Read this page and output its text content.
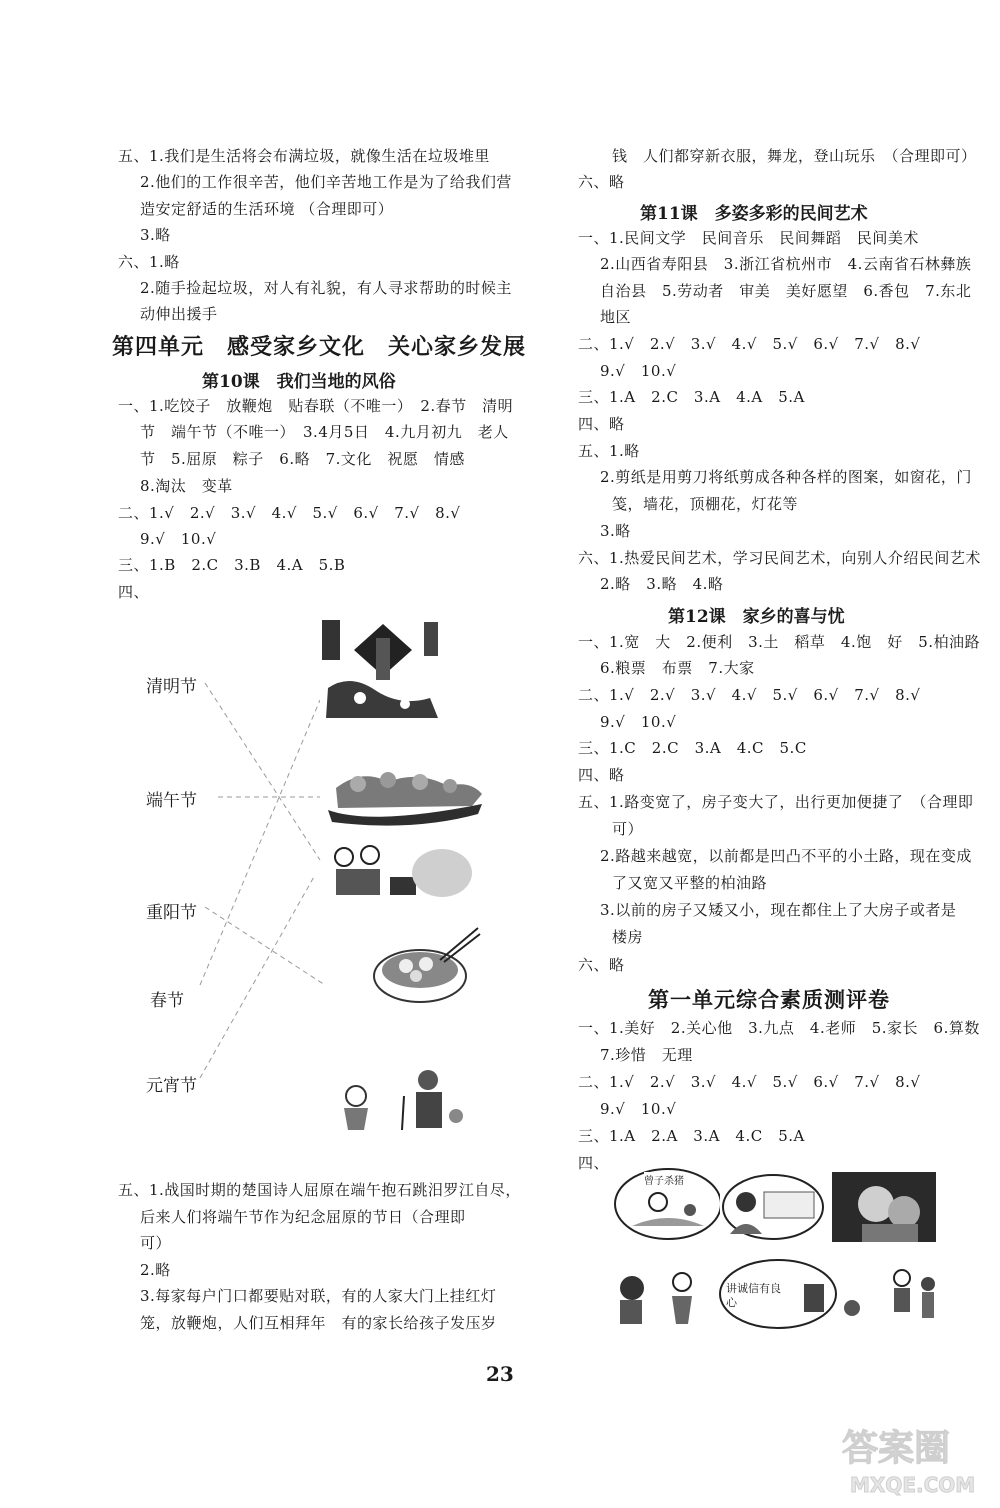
五、1.我们是生活将会布满垃圾，就像生活在垃圾堆里
2.他们的工作很辛苦，他们辛苦地工作是为了给我们营
造安定舒适的生活环境 （合理即可）
3.略
六、1.略
2.随手捡起垃圾，对人有礼貌，有人寻求帮助的时候主
动伸出援手
第四单元　感受家乡文化　关心家乡发展
第10课　我们当地的风俗
一、1.吃饺子　放鞭炮　贴春联（不唯一）　2.春节　清明
节　端午节（不唯一）　3.4月5日　4.九月初九　老人
节　5.屈原　粽子　6.略　7.文化　祝愿　情感
8.淘汰　变革
二、1.√　2.√　3.√　4.√　5.√　6.√　7.√　8.√
9.√　10.√
三、1.B　2.C　3.B　4.A　5.B
四、
清明节
端午节
重阳节
春节
元宵节
五、1.战国时期的楚国诗人屈原在端午抱石跳汨罗江自尽，
后来人们将端午节作为纪念屈原的节日（合理即
可）
2.略
3.每家每户门口都要贴对联，有的人家大门上挂红灯
笼，放鞭炮，人们互相拜年　有的家长给孩子发压岁
钱　人们都穿新衣服，舞龙，登山玩乐　（合理即可）
六、略
第11课　多姿多彩的民间艺术
一、1.民间文学　民间音乐　民间舞蹈　民间美术
2.山西省寿阳县　3.浙江省杭州市　4.云南省石林彝族
自治县　5.劳动者　审美　美好愿望　6.香包　7.东北
地区
二、1.√　2.√　3.√　4.√　5.√　6.√　7.√　8.√
9.√　10.√
三、1.A　2.C　3.A　4.A　5.A
四、略
五、1.略
2.剪纸是用剪刀将纸剪成各种各样的图案，如窗花，门
笺，墙花，顶棚花，灯花等
3.略
六、1.热爱民间艺术，学习民间艺术，向别人介绍民间艺术
2.略　3.略　4.略
第12课　家乡的喜与忧
一、1.宽　大　2.便利　3.土　稻草　4.饱　好　5.柏油路
6.粮票　布票　7.大家
二、1.√　2.√　3.√　4.√　5.√　6.√　7.√　8.√
9.√　10.√
三、1.C　2.C　3.A　4.C　5.C
四、略
五、1.路变宽了，房子变大了，出行更加便捷了　（合理即
可）
2.路越来越宽，以前都是凹凸不平的小土路，现在变成
了又宽又平整的柏油路
3.以前的房子又矮又小，现在都住上了大房子或者是
楼房
六、略
第一单元综合素质测评卷
一、1.美好　2.关心他　3.九点　4.老师　5.家长　6.算数
7.珍惜　无理
二、1.√　2.√　3.√　4.√　5.√　6.√　7.√　8.√
9.√　10.√
三、1.A　2.A　3.A　4.C　5.A
四、
曾子杀猪
讲诚信有良心
23
答案圈
MXQE.COM
